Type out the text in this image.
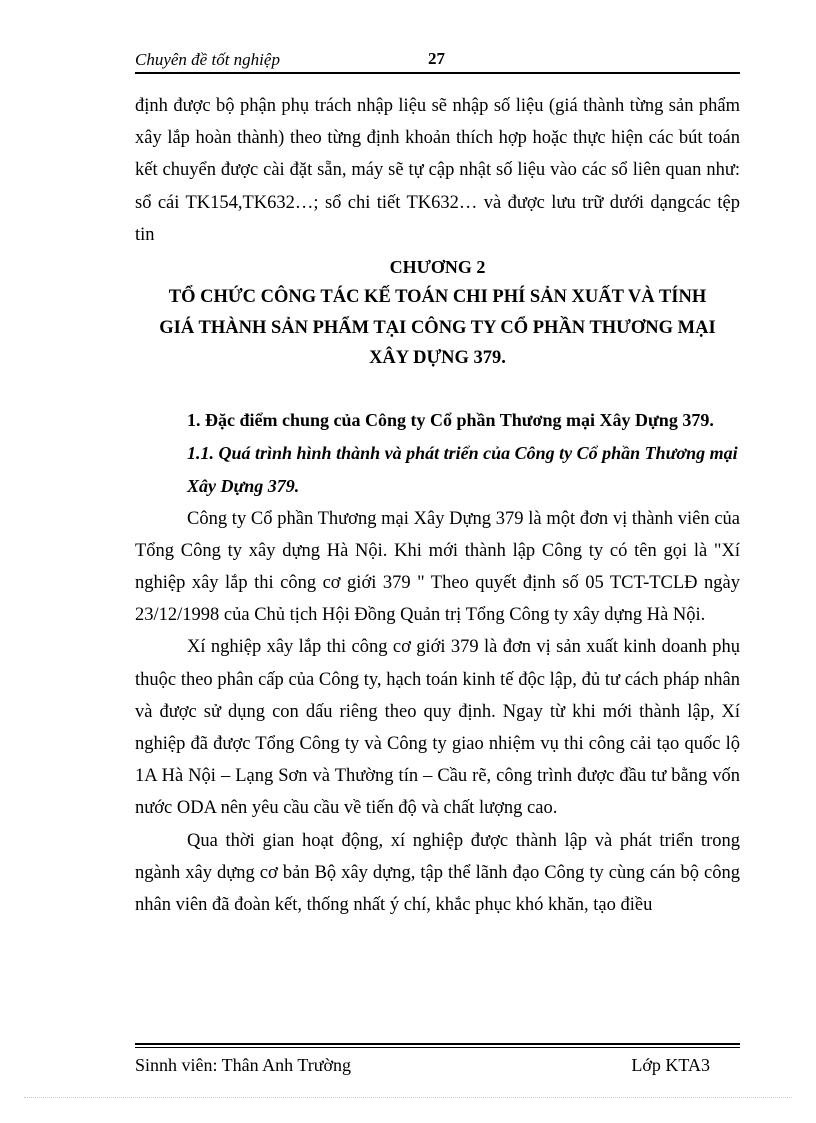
Chuyên đề tốt nghiệp	27

định được bộ phận phụ trách nhập liệu sẽ nhập số liệu (giá thành từng sản phẩm xây lắp hoàn thành) theo từng định khoản thích hợp hoặc thực hiện các bút toán kết chuyển được cài đặt sẵn, máy sẽ tự cập nhật số liệu vào các sổ liên quan như: sổ cái TK154,TK632…; sổ chi tiết TK632… và được lưu trữ dưới dạngcác tệp tin

CHƯƠNG 2

TỔ CHỨC CÔNG TÁC KẾ TOÁN CHI PHÍ SẢN XUẤT VÀ TÍNH

GIÁ THÀNH SẢN PHẨM TẠI CÔNG TY CỔ PHẦN THƯƠNG MẠI

XÂY DỰNG 379.

1. Đặc điểm chung của Công ty Cổ phần Thương mại Xây Dựng 379.

1.1. Quá trình hình thành và phát triển của Công ty Cổ phần Thương mại Xây Dựng 379.

Công ty Cổ phần Thương mại Xây Dựng 379 là một đơn vị thành viên của Tổng Công ty xây dựng Hà Nội. Khi mới thành lập Công ty có tên gọi là "Xí nghiệp xây lắp thi công cơ giới 379 " Theo quyết định số 05 TCT-TCLĐ ngày 23/12/1998 của Chủ tịch Hội Đồng Quản trị Tổng Công ty xây dựng Hà Nội.

Xí nghiệp xây lắp thi công cơ giới 379 là đơn vị sản xuất kinh doanh phụ thuộc theo phân cấp của Công ty, hạch toán kinh tế độc lập, đủ tư cách pháp nhân và được sử dụng con dấu riêng theo quy định. Ngay từ khi mới thành lập, Xí nghiệp đã được Tổng Công ty và Công ty giao nhiệm vụ thi công cải tạo quốc lộ 1A Hà Nội – Lạng Sơn và Thường tín – Cầu rẽ, công trình được đầu tư bằng vốn nước ODA nên yêu cầu cầu về tiến độ và chất lượng cao.

Qua thời gian hoạt động, xí nghiệp được thành lập và phát triển trong ngành xây dựng cơ bản Bộ xây dựng, tập thể lãnh đạo Công ty cùng cán bộ công nhân viên đã đoàn kết, thống nhất ý chí, khắc phục khó khăn, tạo điều

Sinnh viên: Thân Anh Trường	Lớp KTA3
